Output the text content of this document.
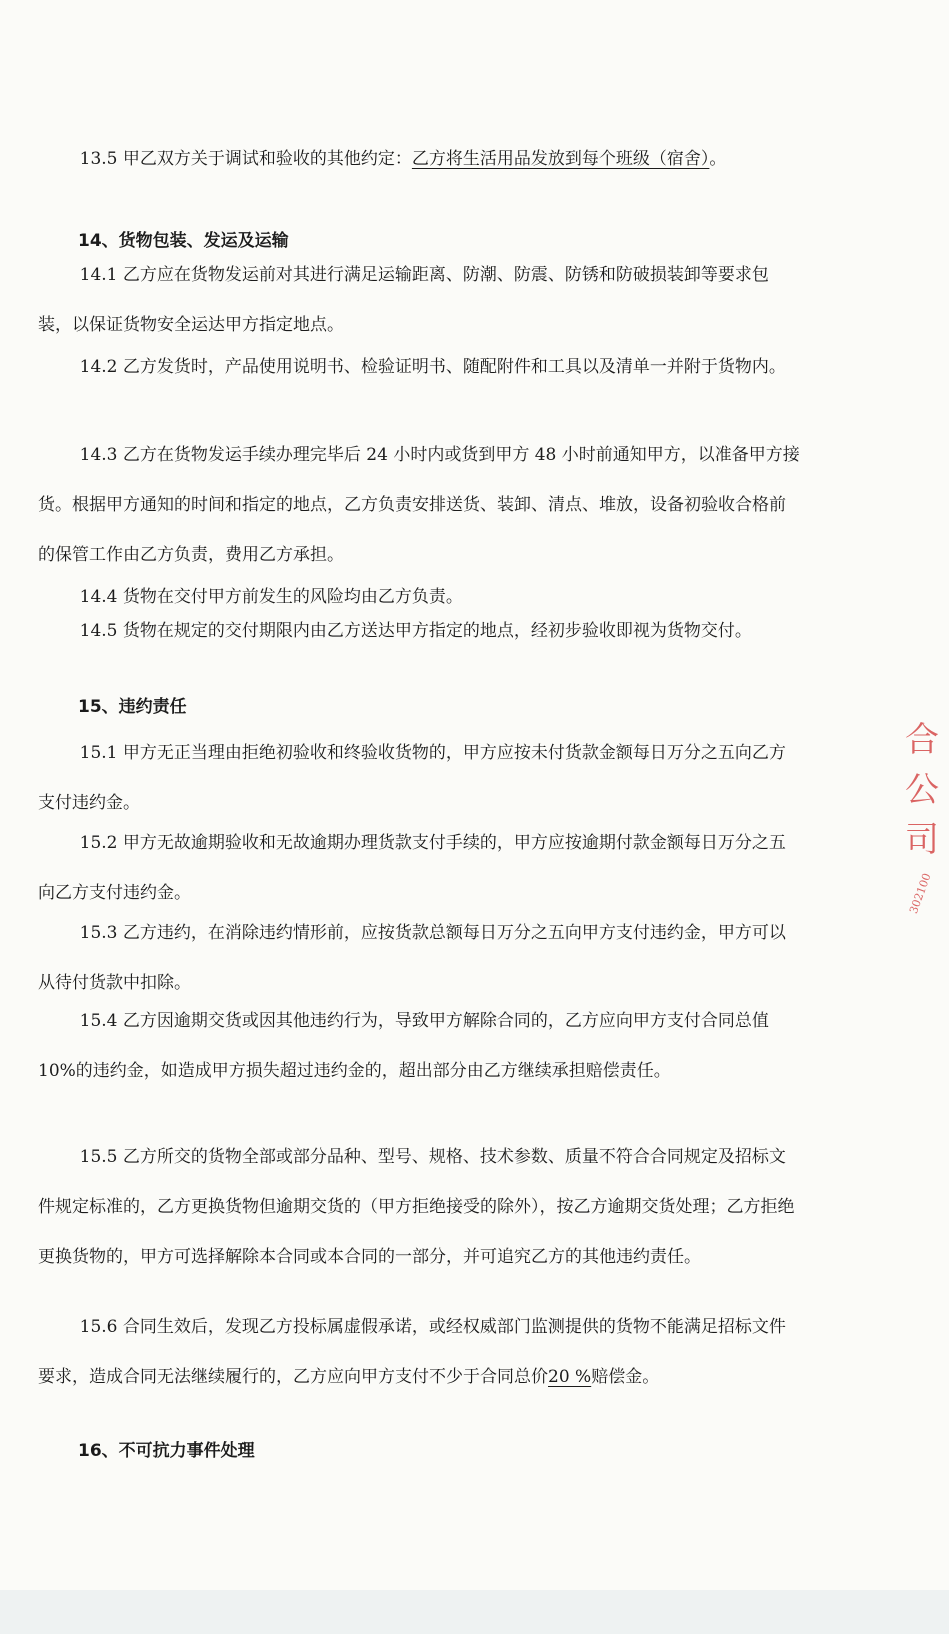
13.5 甲乙双方关于调试和验收的其他约定：乙方将生活用品发放到每个班级（宿舍）。

14、货物包装、发运及运输

14.1 乙方应在货物发运前对其进行满足运输距离、防潮、防震、防锈和防破损装卸等要求包装，以保证货物安全运达甲方指定地点。

14.2 乙方发货时，产品使用说明书、检验证明书、随配附件和工具以及清单一并附于货物内。

14.3 乙方在货物发运手续办理完毕后 24 小时内或货到甲方 48 小时前通知甲方，以准备甲方接货。根据甲方通知的时间和指定的地点，乙方负责安排送货、装卸、清点、堆放，设备初验收合格前的保管工作由乙方负责，费用乙方承担。

14.4 货物在交付甲方前发生的风险均由乙方负责。

14.5 货物在规定的交付期限内由乙方送达甲方指定的地点，经初步验收即视为货物交付。

15、违约责任

15.1 甲方无正当理由拒绝初验收和终验收货物的，甲方应按未付货款金额每日万分之五向乙方支付违约金。

15.2 甲方无故逾期验收和无故逾期办理货款支付手续的，甲方应按逾期付款金额每日万分之五向乙方支付违约金。

15.3 乙方违约，在消除违约情形前，应按货款总额每日万分之五向甲方支付违约金，甲方可以从待付货款中扣除。

15.4 乙方因逾期交货或因其他违约行为，导致甲方解除合同的，乙方应向甲方支付合同总值 10%的违约金，如造成甲方损失超过违约金的，超出部分由乙方继续承担赔偿责任。

15.5 乙方所交的货物全部或部分品种、型号、规格、技术参数、质量不符合合同规定及招标文件规定标准的，乙方更换货物但逾期交货的（甲方拒绝接受的除外），按乙方逾期交货处理；乙方拒绝更换货物的，甲方可选择解除本合同或本合同的一部分，并可追究乙方的其他违约责任。

15.6 合同生效后，发现乙方投标属虚假承诺，或经权威部门监测提供的货物不能满足招标文件要求，造成合同无法继续履行的，乙方应向甲方支付不少于合同总价20 %赔偿金。

16、不可抗力事件处理
合
公
司
302100
